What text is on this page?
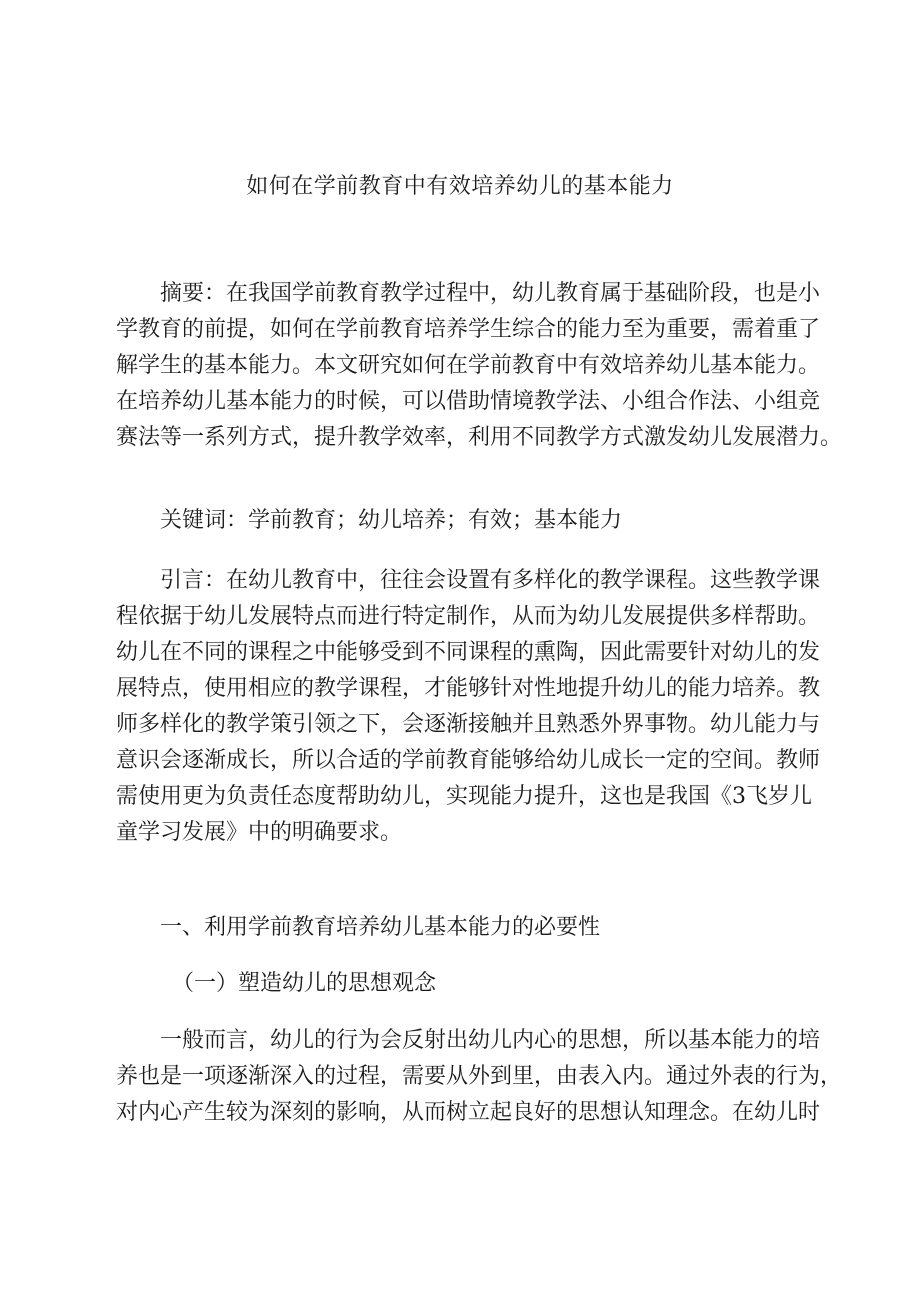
如何在学前教育中有效培养幼儿的基本能力
摘要：在我国学前教育教学过程中，幼儿教育属于基础阶段，也是小
学教育的前提，如何在学前教育培养学生综合的能力至为重要，需着重了
解学生的基本能力。本文研究如何在学前教育中有效培养幼儿基本能力。
在培养幼儿基本能力的时候，可以借助情境教学法、小组合作法、小组竞
赛法等一系列方式，提升教学效率，利用不同教学方式激发幼儿发展潜力。
关键词：学前教育；幼儿培养；有效；基本能力
引言：在幼儿教育中，往往会设置有多样化的教学课程。这些教学课
程依据于幼儿发展特点而进行特定制作，从而为幼儿发展提供多样帮助。
幼儿在不同的课程之中能够受到不同课程的熏陶，因此需要针对幼儿的发
展特点，使用相应的教学课程，才能够针对性地提升幼儿的能力培养。教
师多样化的教学策引领之下，会逐渐接触并且熟悉外界事物。幼儿能力与
意识会逐渐成长，所以合适的学前教育能够给幼儿成长一定的空间。教师
需使用更为负责任态度帮助幼儿，实现能力提升，这也是我国《3飞岁儿
童学习发展》中的明确要求。
一、利用学前教育培养幼儿基本能力的必要性
（一）塑造幼儿的思想观念
一般而言，幼儿的行为会反射出幼儿内心的思想，所以基本能力的培
养也是一项逐渐深入的过程，需要从外到里，由表入内。通过外表的行为，
对内心产生较为深刻的影响，从而树立起良好的思想认知理念。在幼儿时
